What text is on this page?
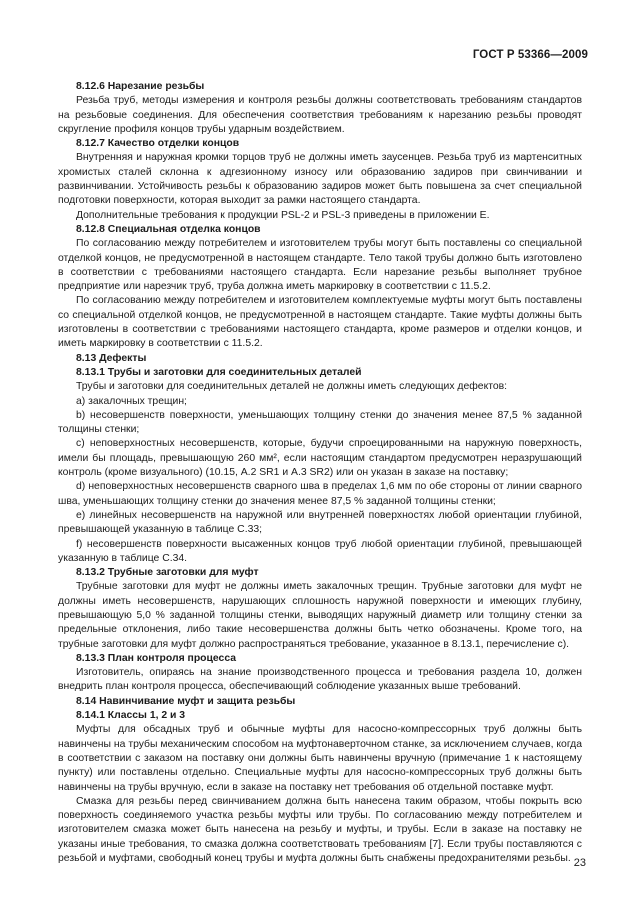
ГОСТ Р 53366—2009

8.12.6 Нарезание резьбы

Резьба труб, методы измерения и контроля резьбы должны соответствовать требованиям стандартов на резьбовые соединения. Для обеспечения соответствия требованиям к нарезанию резьбы проводят скругление профиля концов трубы ударным воздействием.

8.12.7 Качество отделки концов

Внутренняя и наружная кромки торцов труб не должны иметь заусенцев. Резьба труб из мартенситных хромистых сталей склонна к адгезионному износу или образованию задиров при свинчивании и развинчивании. Устойчивость резьбы к образованию задиров может быть повышена за счет специальной подготовки поверхности, которая выходит за рамки настоящего стандарта.

Дополнительные требования к продукции PSL-2 и PSL-3 приведены в приложении Е.

8.12.8 Специальная отделка концов

По согласованию между потребителем и изготовителем трубы могут быть поставлены со специальной отделкой концов, не предусмотренной в настоящем стандарте. Тело такой трубы должно быть изготовлено в соответствии с требованиями настоящего стандарта. Если нарезание резьбы выполняет трубное предприятие или нарезчик труб, труба должна иметь маркировку в соответствии с 11.5.2.

По согласованию между потребителем и изготовителем комплектуемые муфты могут быть поставлены со специальной отделкой концов, не предусмотренной в настоящем стандарте. Такие муфты должны быть изготовлены в соответствии с требованиями настоящего стандарта, кроме размеров и отделки концов, и иметь маркировку в соответствии с 11.5.2.

8.13 Дефекты

8.13.1 Трубы и заготовки для соединительных деталей

Трубы и заготовки для соединительных деталей не должны иметь следующих дефектов:

a) закалочных трещин;

b) несовершенств поверхности, уменьшающих толщину стенки до значения менее 87,5 % заданной толщины стенки;

c) неповерхностных несовершенств, которые, будучи спроецированными на наружную поверхность, имели бы площадь, превышающую 260 мм², если настоящим стандартом предусмотрен неразрушающий контроль (кроме визуального) (10.15, А.2 SR1 и А.3 SR2) или он указан в заказе на поставку;

d) неповерхностных несовершенств сварного шва в пределах 1,6 мм по обе стороны от линии сварного шва, уменьшающих толщину стенки до значения менее 87,5 % заданной толщины стенки;

e) линейных несовершенств на наружной или внутренней поверхностях любой ориентации глубиной, превышающей указанную в таблице С.33;

f) несовершенств поверхности высаженных концов труб любой ориентации глубиной, превышающей указанную в таблице С.34.

8.13.2 Трубные заготовки для муфт

Трубные заготовки для муфт не должны иметь закалочных трещин. Трубные заготовки для муфт не должны иметь несовершенств, нарушающих сплошность наружной поверхности и имеющих глубину, превышающую 5,0 % заданной толщины стенки, выводящих наружный диаметр или толщину стенки за предельные отклонения, либо такие несовершенства должны быть четко обозначены. Кроме того, на трубные заготовки для муфт должно распространяться требование, указанное в 8.13.1, перечисление с).

8.13.3 План контроля процесса

Изготовитель, опираясь на знание производственного процесса и требования раздела 10, должен внедрить план контроля процесса, обеспечивающий соблюдение указанных выше требований.

8.14 Навинчивание муфт и защита резьбы

8.14.1 Классы 1, 2 и 3

Муфты для обсадных труб и обычные муфты для насосно-компрессорных труб должны быть навинчены на трубы механическим способом на муфтонаверточном станке, за исключением случаев, когда в соответствии с заказом на поставку они должны быть навинчены вручную (примечание 1 к настоящему пункту) или поставлены отдельно. Специальные муфты для насосно-компрессорных труб должны быть навинчены на трубы вручную, если в заказе на поставку нет требования об отдельной поставке муфт.

Смазка для резьбы перед свинчиванием должна быть нанесена таким образом, чтобы покрыть всю поверхность соединяемого участка резьбы муфты или трубы. По согласованию между потребителем и изготовителем смазка может быть нанесена на резьбу и муфты, и трубы. Если в заказе на поставку не указаны иные требования, то смазка должна соответствовать требованиям [7]. Если трубы поставляются с резьбой и муфтами, свободный конец трубы и муфта должны быть снабжены предохранителями резьбы. 23
